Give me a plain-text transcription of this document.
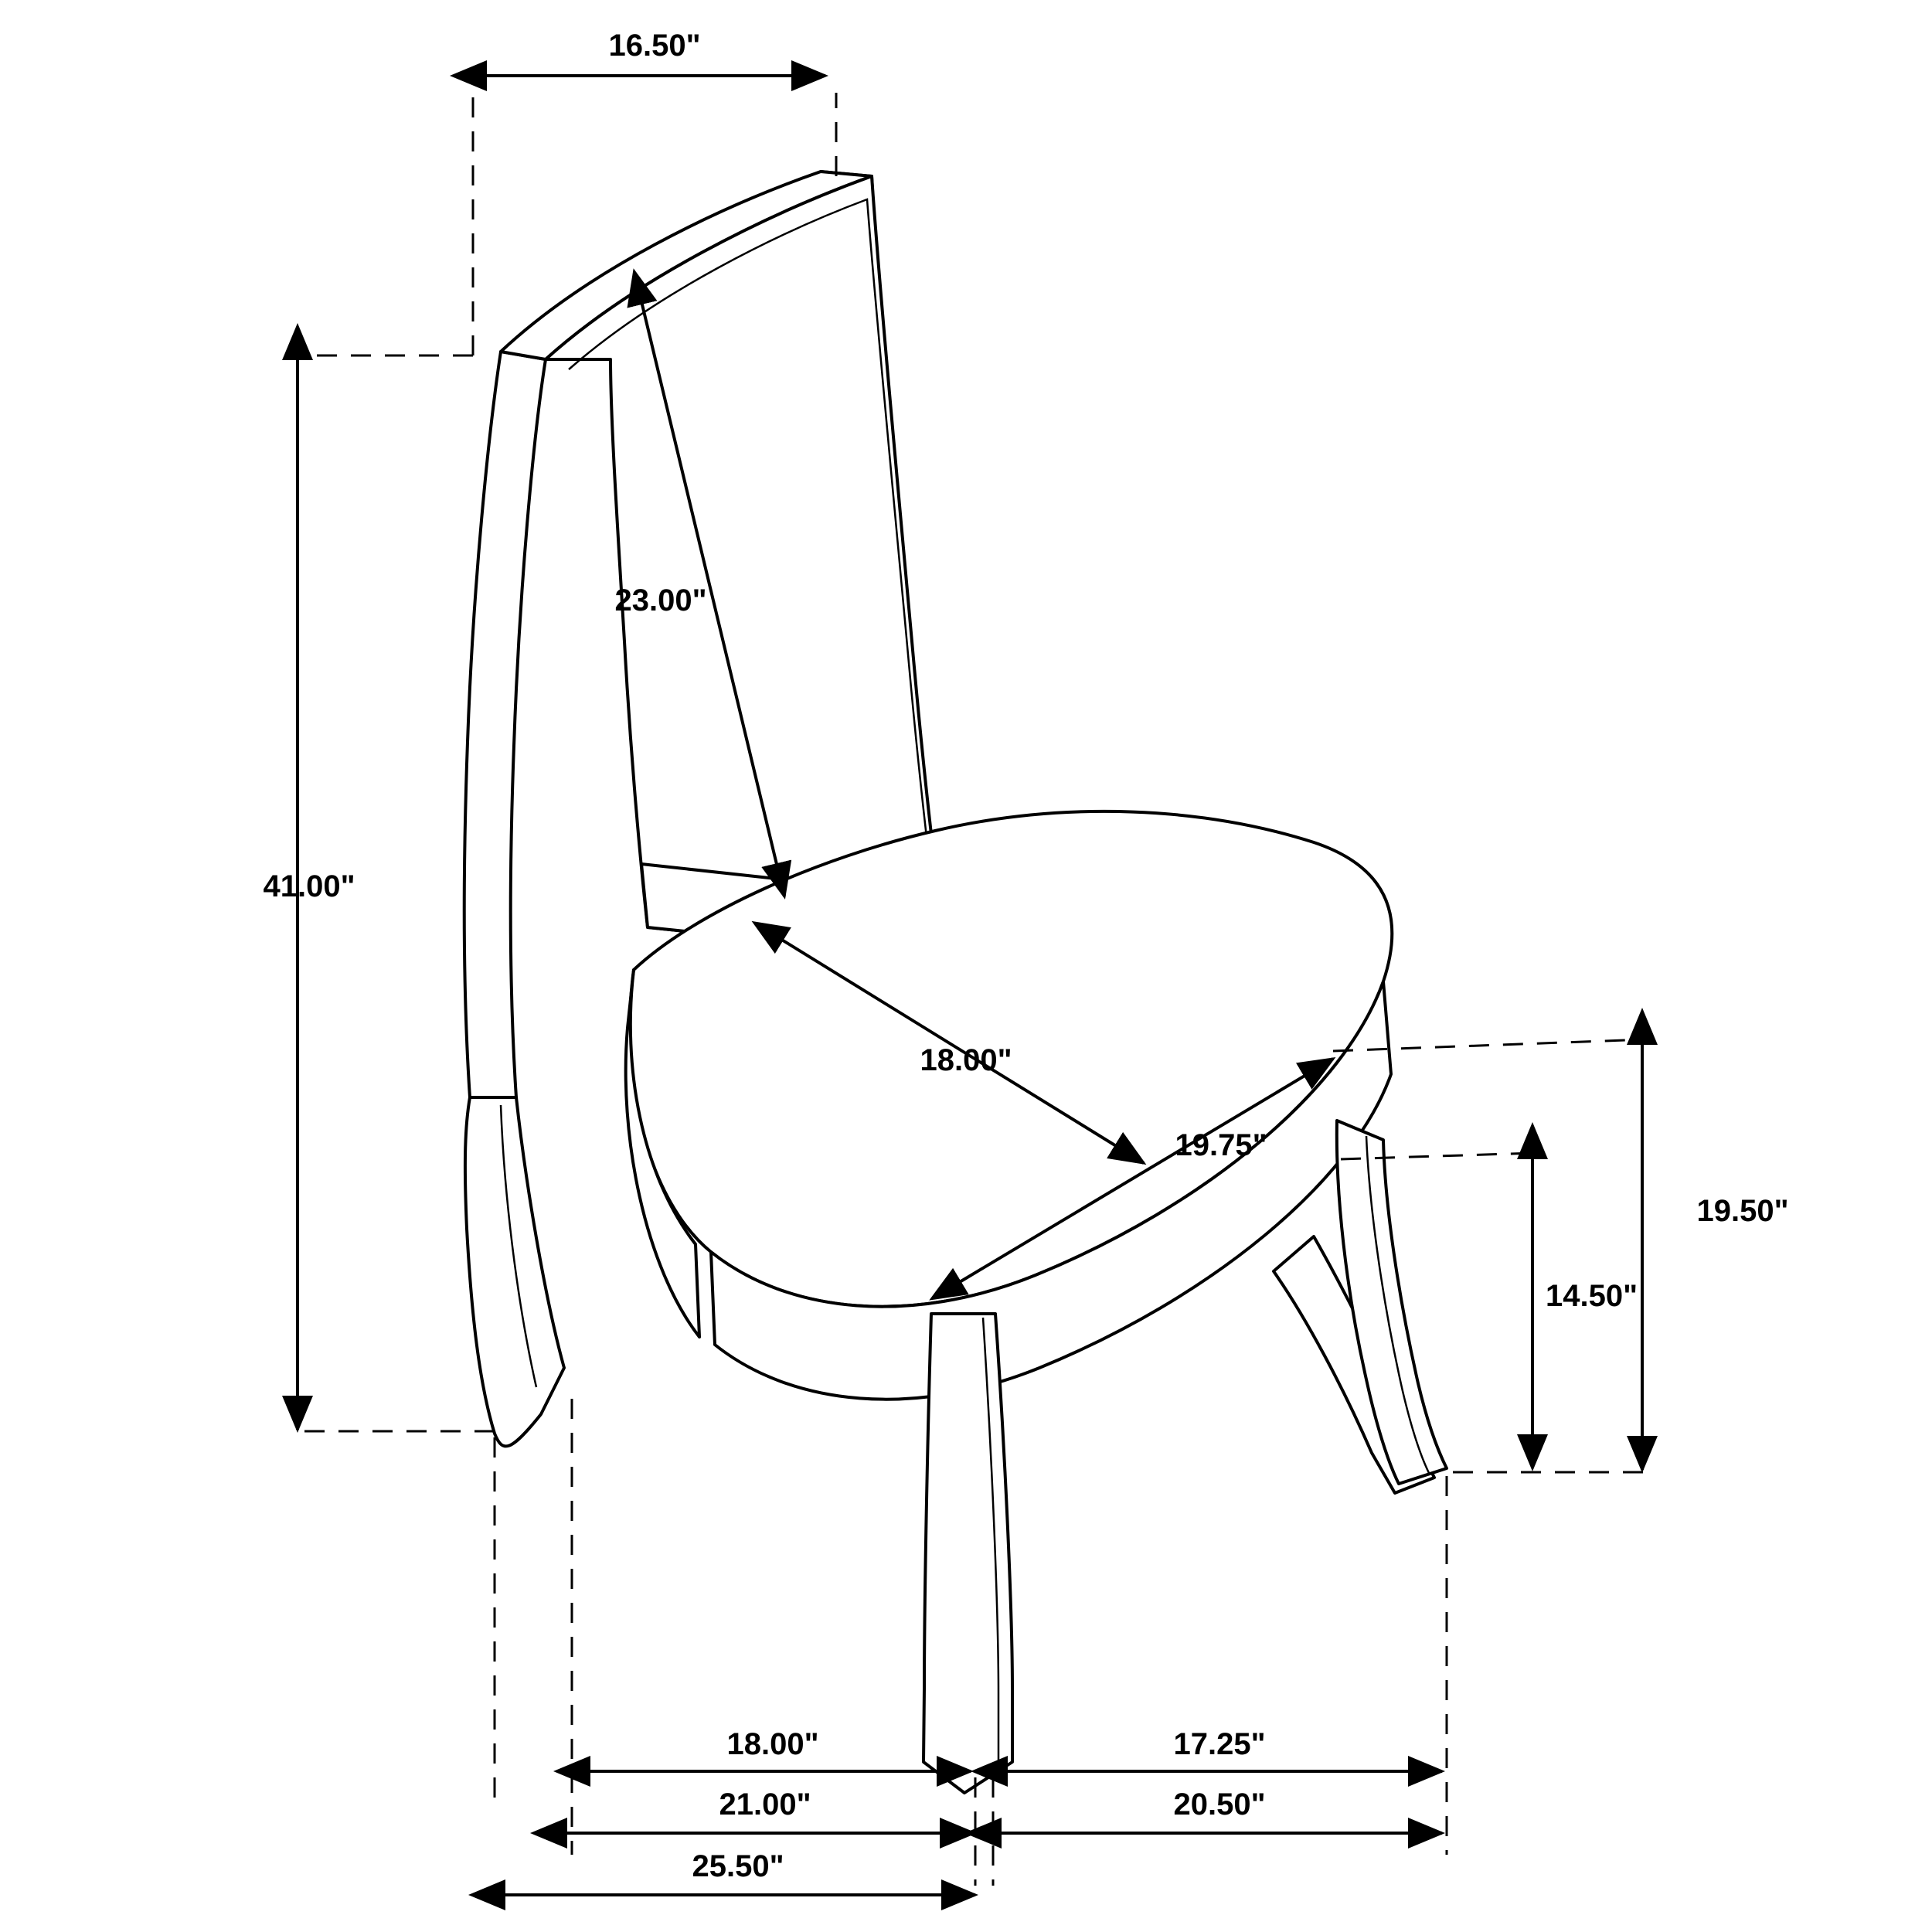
16.50"
41.00"
23.00"
18.00"
19.75"
19.50"
14.50"
18.00"	17.25"
21.00"	20.50"
25.50"
